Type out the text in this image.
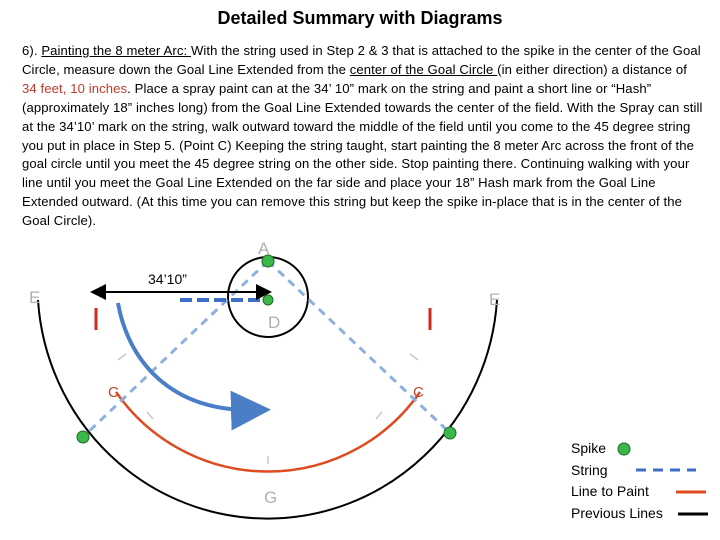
Detailed Summary with Diagrams
6). Painting the 8 meter Arc: With the string used in Step 2 & 3 that is attached to the spike in the center of the Goal Circle, measure down the Goal Line Extended from the center of the Goal Circle (in either direction) a distance of 34 feet, 10 inches. Place a spray paint can at the 34’ 10” mark on the string and paint a short line or “Hash” (approximately 18” inches long) from the Goal Line Extended towards the center of the field. With the Spray can still at the 34’10’ mark on the string, walk outward toward the middle of the field until you come to the 45 degree string you put in place in Step 5. (Point C) Keeping the string taught, start painting the 8 meter Arc across the front of the goal circle until you meet the 45 degree string on the other side. Stop painting there. Continuing walking with your line until you meet the Goal Line Extended on the far side and place your 18” Hash mark from the Goal Line Extended outward. (At this time you can remove this string but keep the spike in-place that is in the center of the Goal Circle).
A
E	E
D
C	C
G
34’10”
Spike
String
Line to Paint
Previous Lines
